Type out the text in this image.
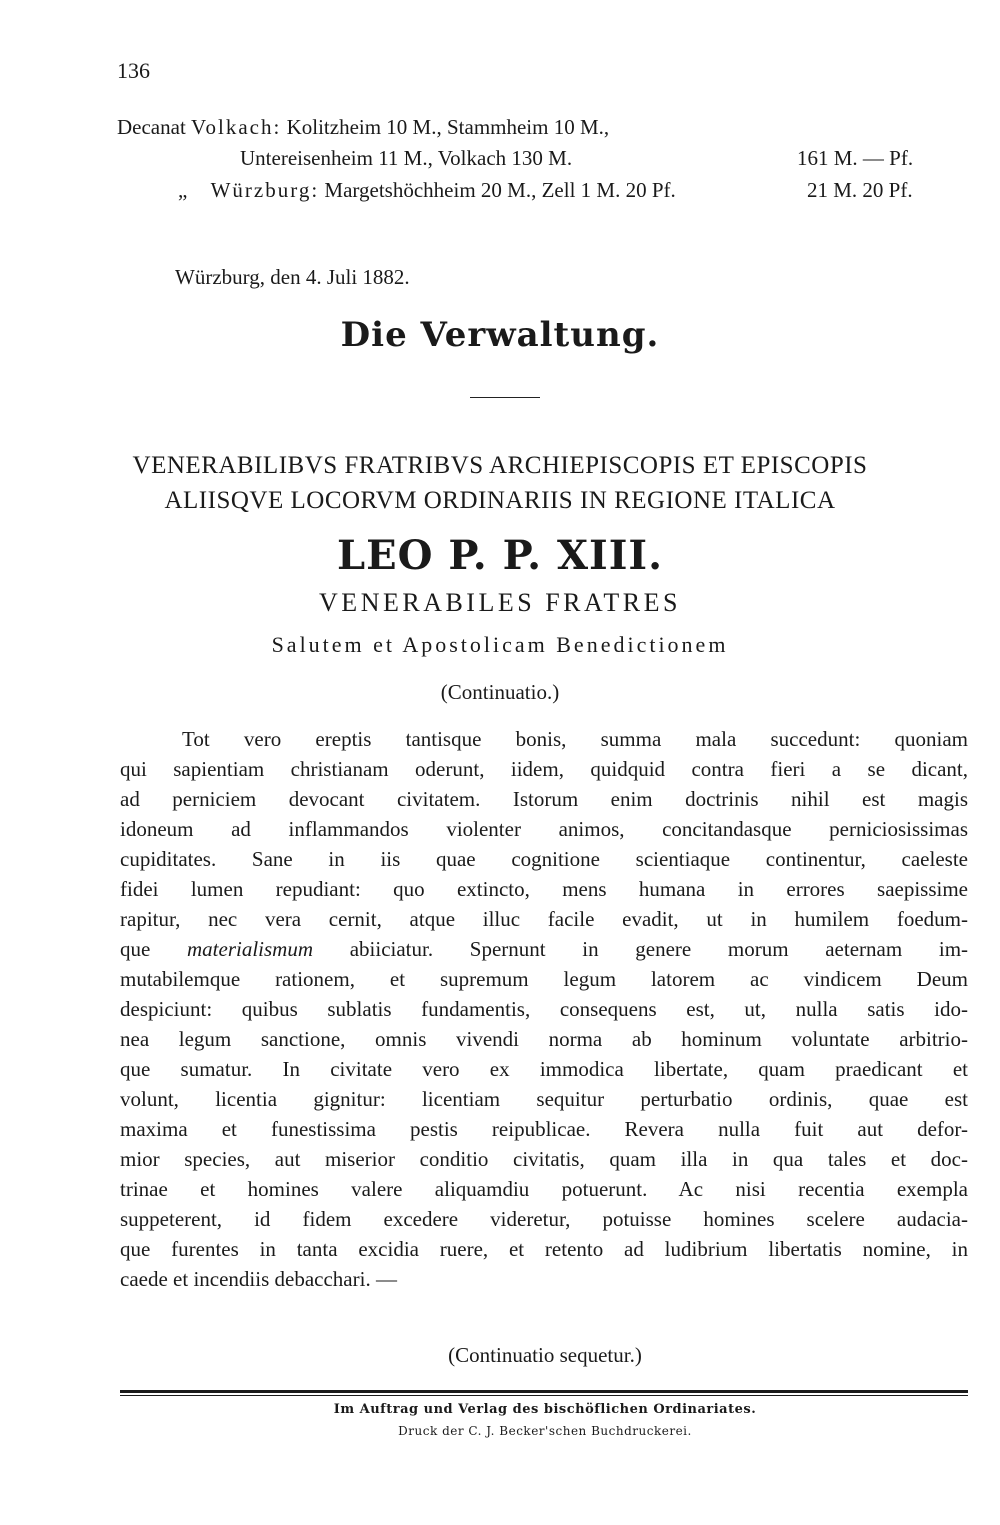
136
Decanat Volkach: Kolitzheim 10 M., Stammheim 10 M.,
Untereisenheim 11 M., Volkach 130 M.	161 M. — Pf.
„ Würzburg: Margetshöchheim 20 M., Zell 1 M. 20 Pf.	21 M. 20 Pf.
Würzburg, den 4. Juli 1882.
Die Verwaltung.
VENERABILIBVS FRATRIBVS ARCHIEPISCOPIS ET EPISCOPIS
ALIISQVE LOCORVM ORDINARIIS IN REGIONE ITALICA
LEO P. P. XIII.
VENERABILES FRATRES
Salutem et Apostolicam Benedictionem
(Continuatio.)
Tot vero ereptis tantisque bonis, summa mala succedunt: quoniam
qui sapientiam christianam oderunt, iidem, quidquid contra fieri a se dicant,
ad perniciem devocant civitatem. Istorum enim doctrinis nihil est magis
idoneum ad inflammandos violenter animos, concitandasque perniciosissimas
cupiditates. Sane in iis quae cognitione scientiaque continentur, caeleste
fidei lumen repudiant: quo extincto, mens humana in errores saepissime
rapitur, nec vera cernit, atque illuc facile evadit, ut in humilem foedum-
que materialismum abiiciatur. Spernunt in genere morum aeternam im-
mutabilemque rationem, et supremum legum latorem ac vindicem Deum
despiciunt: quibus sublatis fundamentis, consequens est, ut, nulla satis ido-
nea legum sanctione, omnis vivendi norma ab hominum voluntate arbitrio-
que sumatur. In civitate vero ex immodica libertate, quam praedicant et
volunt, licentia gignitur: licentiam sequitur perturbatio ordinis, quae est
maxima et funestissima pestis reipublicae. Revera nulla fuit aut defor-
mior species, aut miserior conditio civitatis, quam illa in qua tales et doc-
trinae et homines valere aliquamdiu potuerunt. Ac nisi recentia exempla
suppeterent, id fidem excedere videretur, potuisse homines scelere audacia-
que furentes in tanta excidia ruere, et retento ad ludibrium libertatis nomine, in
caede et incendiis debacchari. —
(Continuatio sequetur.)
Im Auftrag und Verlag des bischöflichen Ordinariates.
Druck der C. J. Becker'schen Buchdruckerei.
